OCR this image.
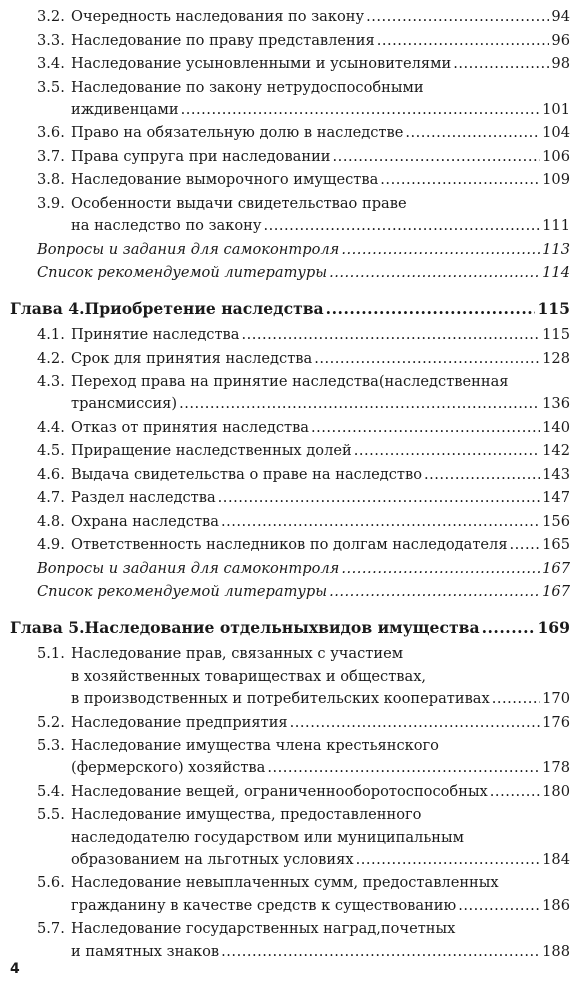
3.2. Очередность наследования по закону .....	94
3.3. Наследование по праву представления .....	96
3.4. Наследование усыновленными и усыновителями .....	98
3.5. Наследование по закону нетрудоспособными
иждивенцами .....	101
3.6. Право на обязательную долю в наследстве .....	104
3.7. Права супруга при наследовании .....	106
3.8. Наследование выморочного имущества .....	109
3.9. Особенности выдачи свидетельствао праве
на наследство по закону .....	111
Вопросы и задания для самоконтроля .....	113
Список рекомендуемой литературы .....	114
Глава 4.Приобретение наследства .....	115
4.1. Принятие наследства .....	115
4.2. Срок для принятия наследства .....	128
4.3. Переход права на принятие наследства(наследственная
трансмиссия) .....	136
4.4. Отказ от принятия наследства .....	140
4.5. Приращение наследственных долей .....	142
4.6. Выдача свидетельства о праве на наследство .....	143
4.7. Раздел наследства .....	147
4.8. Охрана наследства .....	156
4.9. Ответственность наследников по долгам наследодателя ..... 165
Вопросы и задания для самоконтроля .....	167
Список рекомендуемой литературы .....	167
Глава 5.Наследование отдельныхвидов имущества .....	169
5.1. Наследование прав, связанных с участием
в хозяйственных товариществах и обществах,
в производственных и потребительских кооперативах .....	170
5.2. Наследование предприятия .....	176
5.3. Наследование имущества члена крестьянского
(фермерского) хозяйства .....	178
5.4. Наследование вещей, ограниченнооборотоспособных .....	180
5.5. Наследование имущества, предоставленного
наследодателю государством или муниципальным
образованием на льготных условиях .....	184
5.6. Наследование невыплаченных сумм, предоставленных
гражданину в качестве средств к существованию .....	186
5.7. Наследование государственных наград,почетных
и памятных знаков .....	188
4
